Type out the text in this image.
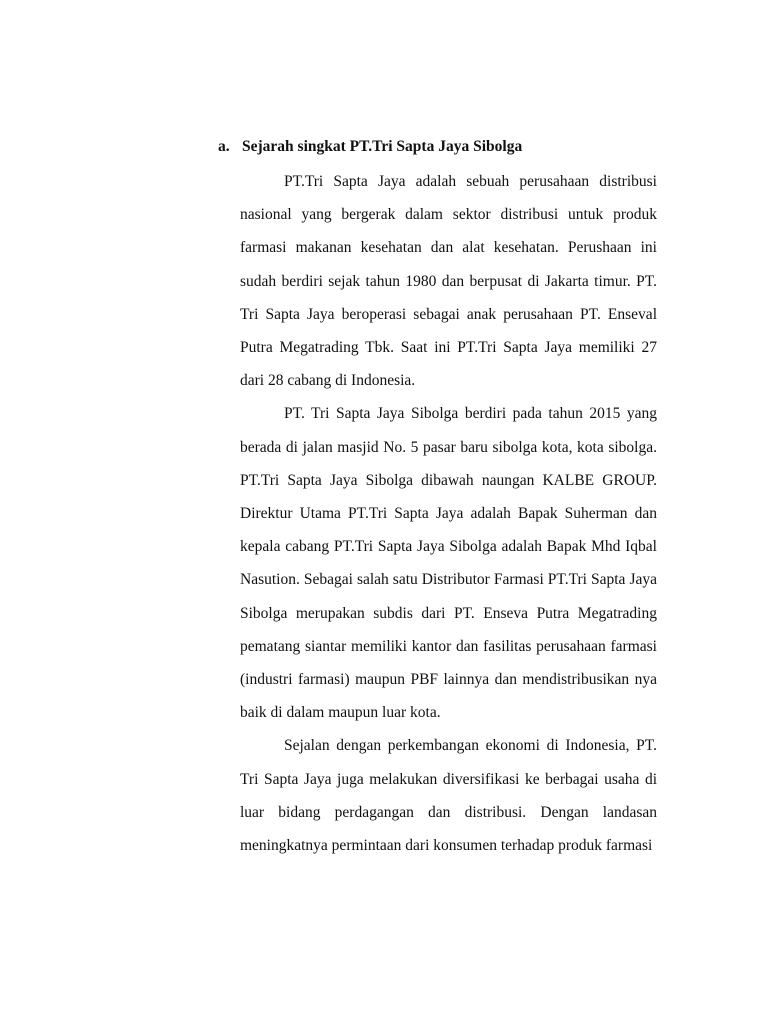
a. Sejarah singkat PT.Tri Sapta Jaya Sibolga

PT.Tri Sapta Jaya adalah sebuah perusahaan distribusi nasional yang bergerak dalam sektor distribusi untuk produk farmasi makanan kesehatan dan alat kesehatan. Perushaan ini sudah berdiri sejak tahun 1980 dan berpusat di Jakarta timur. PT. Tri Sapta Jaya beroperasi sebagai anak perusahaan PT. Enseval Putra Megatrading Tbk. Saat ini PT.Tri Sapta Jaya memiliki 27 dari 28 cabang di Indonesia.

PT. Tri Sapta Jaya Sibolga berdiri pada tahun 2015 yang berada di jalan masjid No. 5 pasar baru sibolga kota, kota sibolga. PT.Tri Sapta Jaya Sibolga dibawah naungan KALBE GROUP. Direktur Utama PT.Tri Sapta Jaya adalah Bapak Suherman dan kepala cabang PT.Tri Sapta Jaya Sibolga adalah Bapak Mhd Iqbal Nasution. Sebagai salah satu Distributor Farmasi PT.Tri Sapta Jaya Sibolga merupakan subdis dari PT. Enseva Putra Megatrading pematang siantar memiliki kantor dan fasilitas perusahaan farmasi (industri farmasi) maupun PBF lainnya dan mendistribusikan nya baik di dalam maupun luar kota.

Sejalan dengan perkembangan ekonomi di Indonesia, PT. Tri Sapta Jaya juga melakukan diversifikasi ke berbagai usaha di luar bidang perdagangan dan distribusi. Dengan landasan meningkatnya permintaan dari konsumen terhadap produk farmasi
